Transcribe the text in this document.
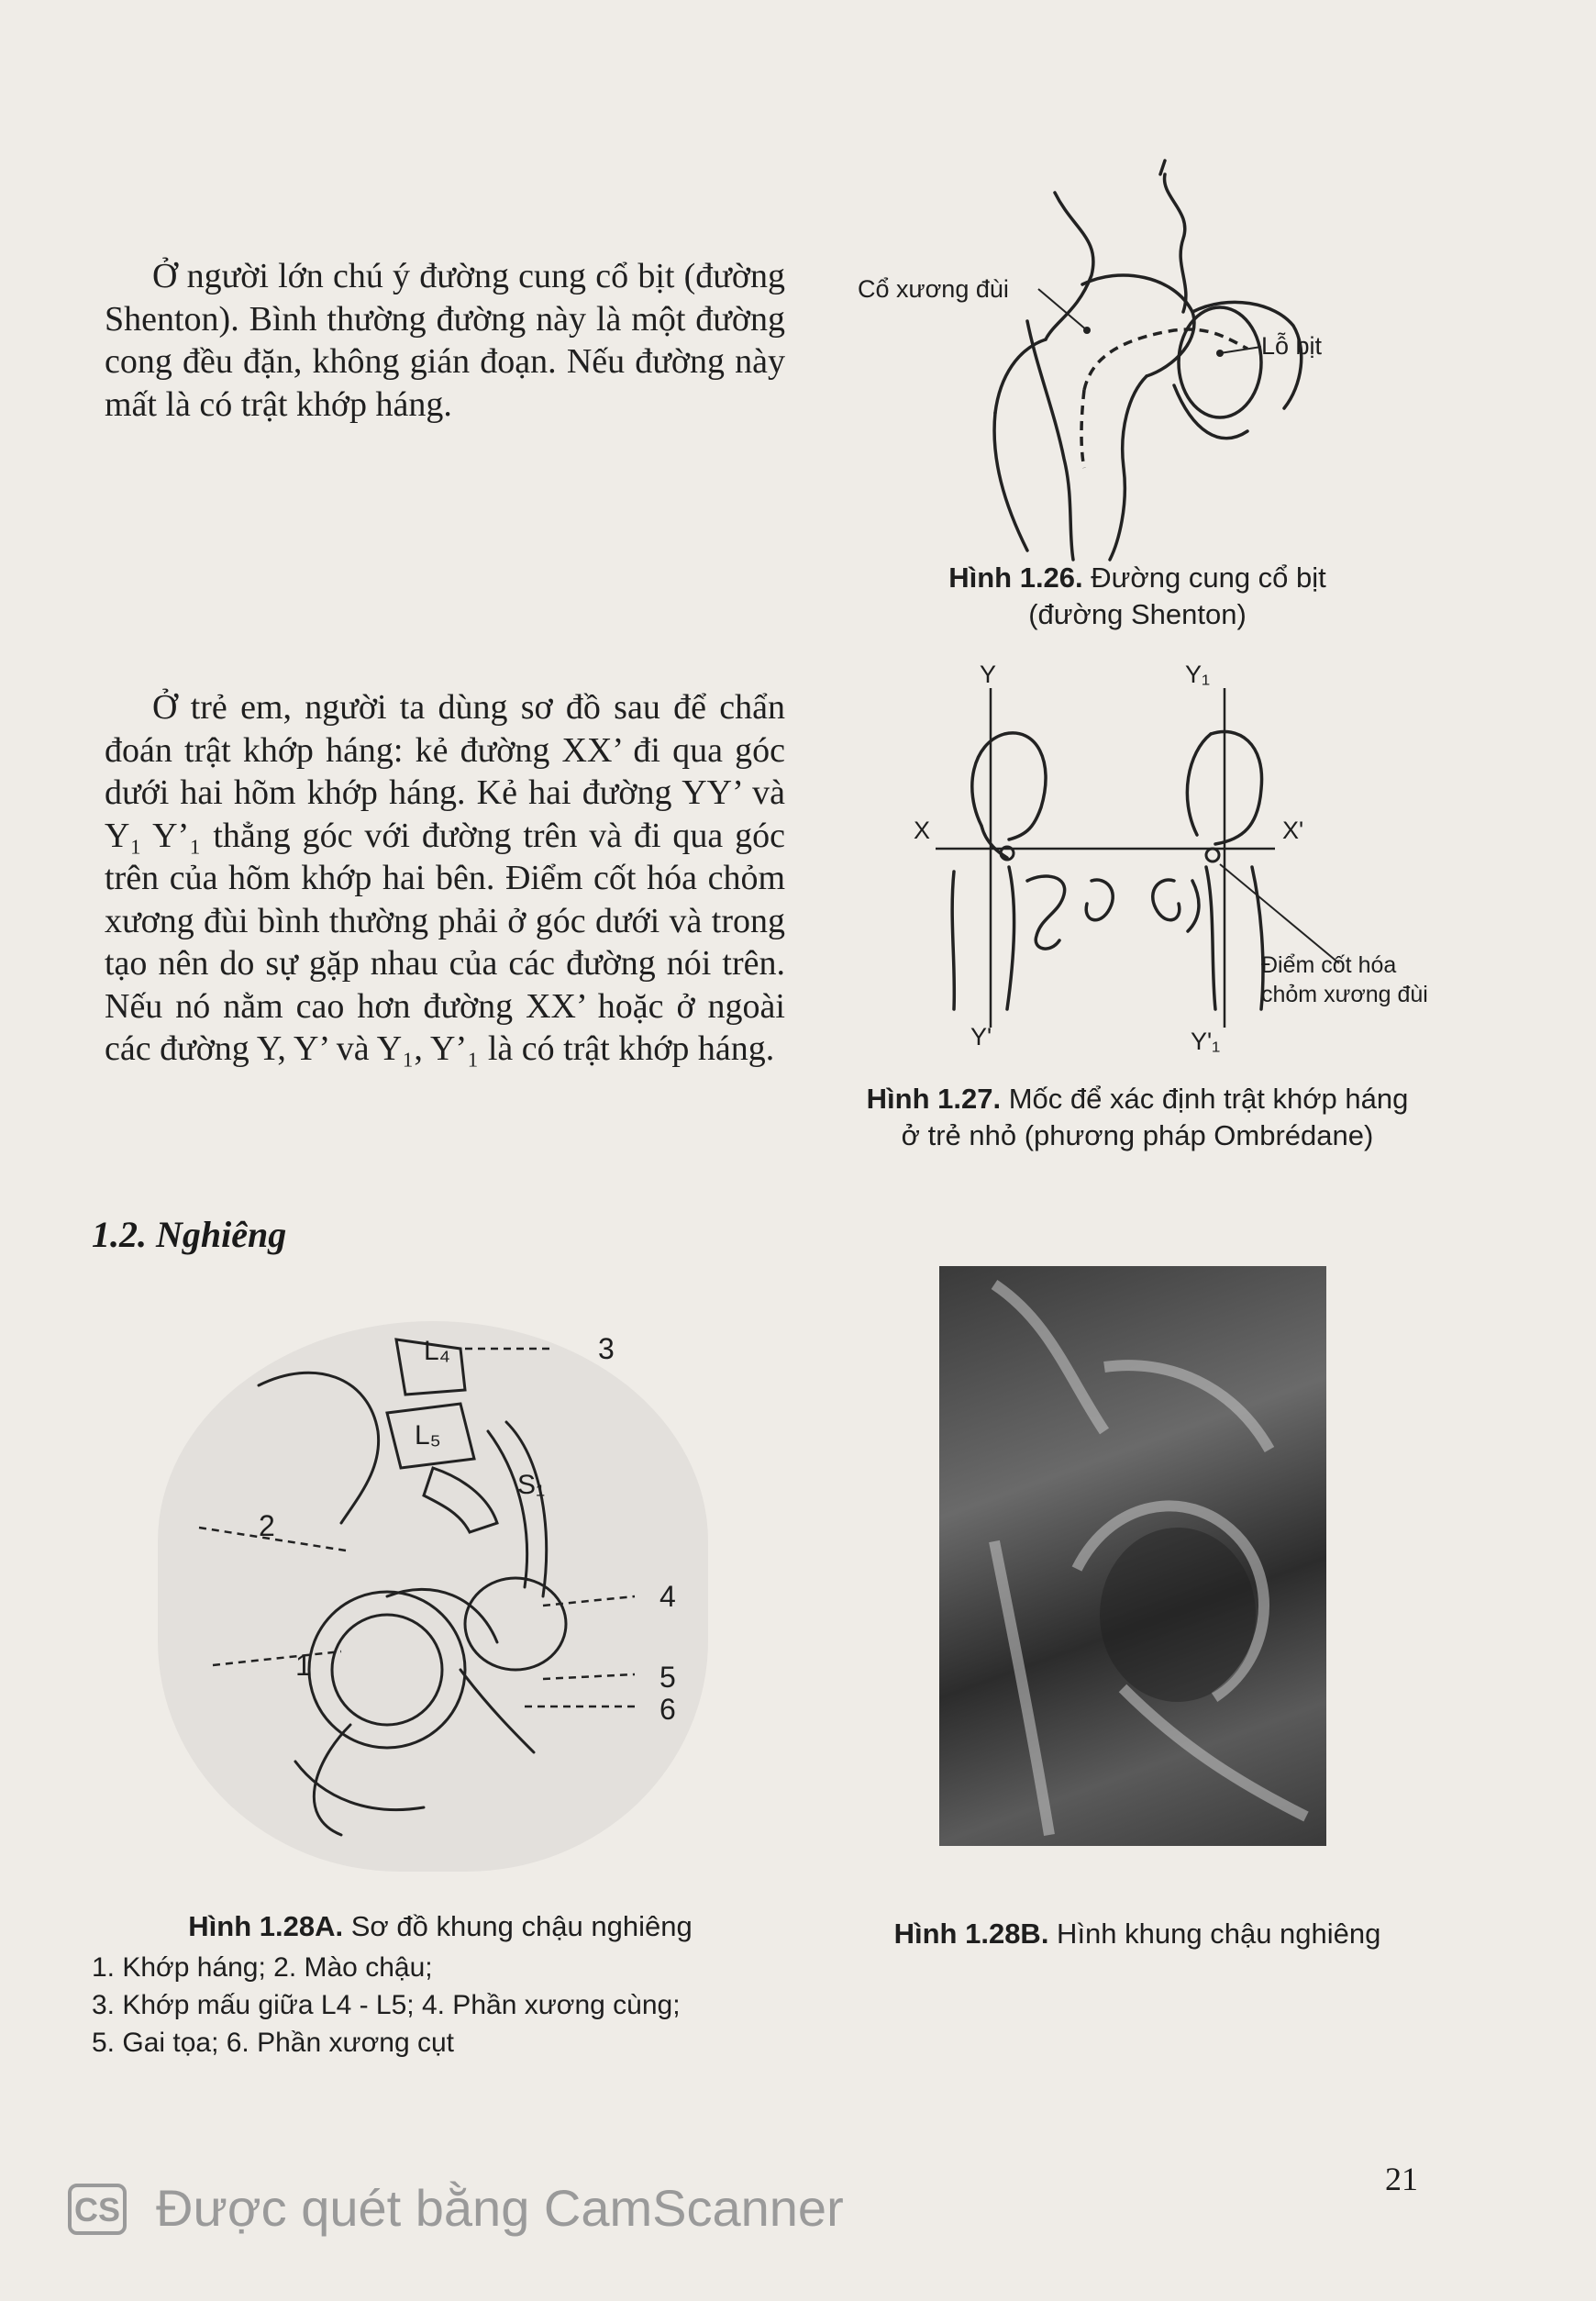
Ở người lớn chú ý đường cung cổ bịt (đường Shenton). Bình thường đường này là một đường cong đều đặn, không gián đoạn. Nếu đường này mất là có trật khớp háng.

Cổ xương đùi
Lỗ bịt
Hình 1.26. Đường cung cổ bịt
(đường Shenton)

Ở trẻ em, người ta dùng sơ đồ sau để chẩn đoán trật khớp háng: kẻ đường XX’ đi qua góc dưới hai hõm khớp háng. Kẻ hai đường YY’ và Y₁ Y’₁ thẳng góc với đường trên và đi qua góc trên của hõm khớp hai bên. Điểm cốt hóa chỏm xương đùi bình thường phải ở góc dưới và trong tạo nên do sự gặp nhau của các đường nói trên. Nếu nó nằm cao hơn đường XX’ hoặc ở ngoài các đường Y, Y’ và Y₁, Y’₁ là có trật khớp háng.

Y	Y₁
X	X'
Y'	Y'₁
Điểm cốt hóa
chỏm xương đùi
Hình 1.27. Mốc để xác định trật khớp háng
ở trẻ nhỏ (phương pháp Ombrédane)
1.2. Nghiêng
L₄
L₅
S₁
1
2
3
4
5
6
Hình 1.28A. Sơ đồ khung chậu nghiêng
1. Khớp háng; 2. Mào chậu;
3. Khớp mấu giữa L4 - L5; 4. Phần xương cùng;
5. Gai tọa; 6. Phần xương cụt
Hình 1.28B. Hình khung chậu nghiêng
21
CS Được quét bằng CamScanner
